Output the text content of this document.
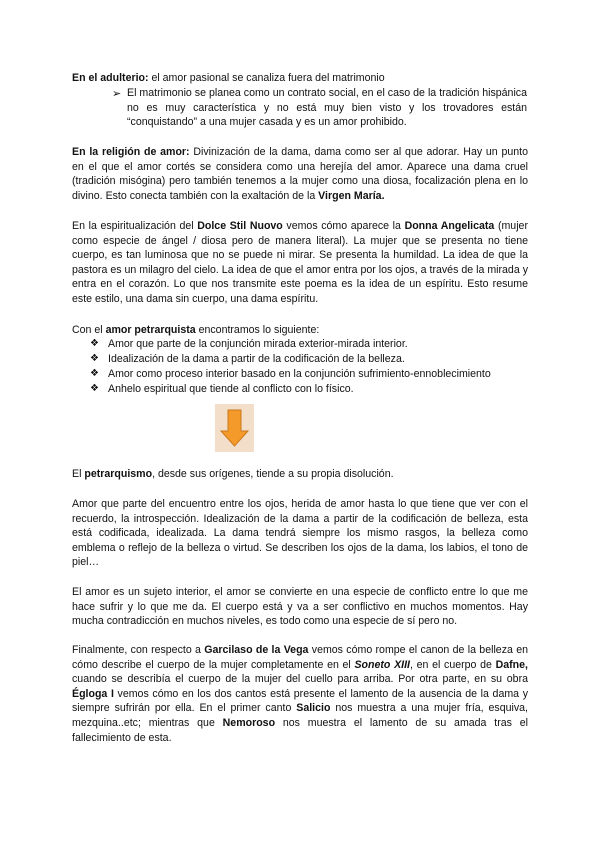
En el adulterio: el amor pasional se canaliza fuera del matrimonio

➢ El matrimonio se planea como un contrato social, en el caso de la tradición hispánica no es muy característica y no está muy bien visto y los trovadores están “conquistando” a una mujer casada y es un amor prohibido.

En la religión de amor: Divinización de la dama, dama como ser al que adorar. Hay un punto en el que el amor cortés se considera como una herejía del amor. Aparece una dama cruel (tradición misógina) pero también tenemos a la mujer como una diosa, focalización plena en lo divino. Esto conecta también con la exaltación de la Virgen María.

En la espiritualización del Dolce Stil Nuovo vemos cómo aparece la Donna Angelicata (mujer como especie de ángel / diosa pero de manera literal). La mujer que se presenta no tiene cuerpo, es tan luminosa que no se puede ni mirar. Se presenta la humildad. La idea de que la pastora es un milagro del cielo. La idea de que el amor entra por los ojos, a través de la mirada y entra en el corazón. Lo que nos transmite este poema es la idea de un espíritu. Esto resume este estilo, una dama sin cuerpo, una dama espíritu.

Con el amor petrarquista encontramos lo siguiente:

❖ Amor que parte de la conjunción mirada exterior-mirada interior.
❖ Idealización de la dama a partir de la codificación de la belleza.
❖ Amor como proceso interior basado en la conjunción sufrimiento-ennoblecimiento
❖ Anhelo espiritual que tiende al conflicto con lo físico.

El petrarquismo, desde sus orígenes, tiende a su propia disolución.

Amor que parte del encuentro entre los ojos, herida de amor hasta lo que tiene que ver con el recuerdo, la introspección. Idealización de la dama a partir de la codificación de belleza, esta está codificada, idealizada. La dama tendrá siempre los mismo rasgos, la belleza como emblema o reflejo de la belleza o virtud. Se describen los ojos de la dama, los labios, el tono de piel…

El amor es un sujeto interior, el amor se convierte en una especie de conflicto entre lo que me hace sufrir y lo que me da. El cuerpo está y va a ser conflictivo en muchos momentos. Hay mucha contradicción en muchos niveles, es todo como una especie de sí pero no.

Finalmente, con respecto a Garcilaso de la Vega vemos cómo rompe el canon de la belleza en cómo describe el cuerpo de la mujer completamente en el Soneto XIII, en el cuerpo de Dafne, cuando se describía el cuerpo de la mujer del cuello para arriba. Por otra parte, en su obra Égloga I vemos cómo en los dos cantos está presente el lamento de la ausencia de la dama y siempre sufrirán por ella. En el primer canto Salicio nos muestra a una mujer fría, esquiva, mezquina..etc; mientras que Nemoroso nos muestra el lamento de su amada tras el fallecimiento de esta.
